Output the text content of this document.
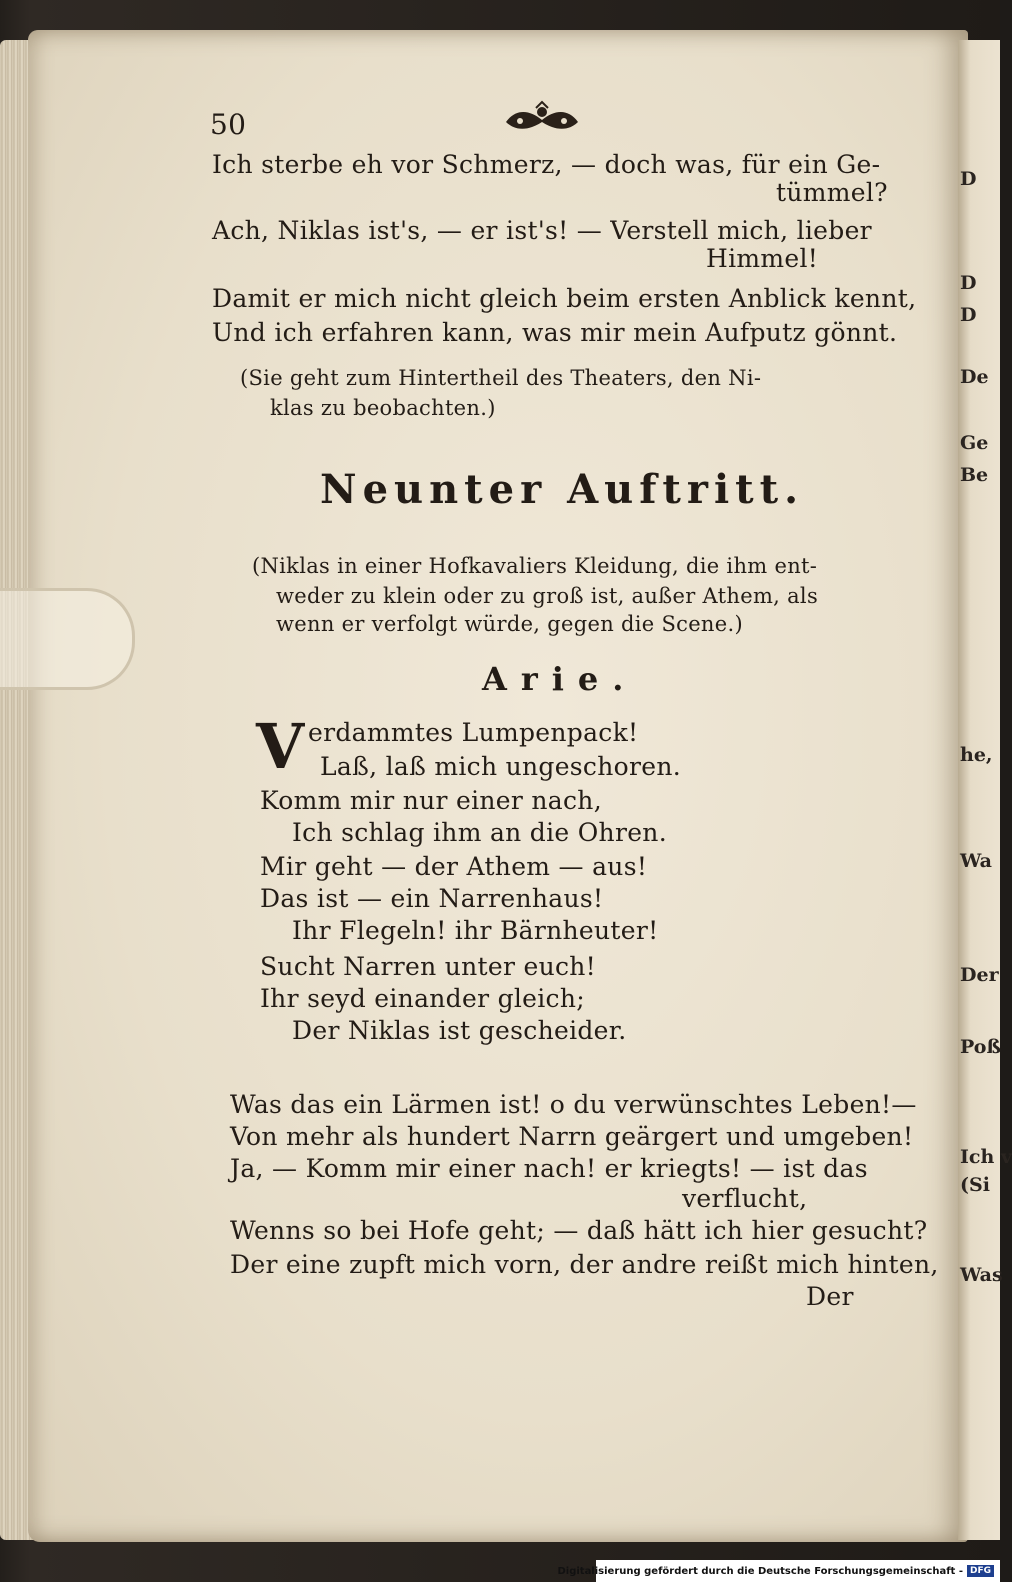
D
D
D
De
Ge
Be
he,
Wa
Der
Poß
Ich v
(Si
Was
50
Ich sterbe eh vor Schmerz, — doch was, für ein Ge-
tümmel?
Ach, Niklas ist's, — er ist's! — Verstell mich, lieber
Himmel!
Damit er mich nicht gleich beim ersten Anblick kennt,
Und ich erfahren kann, was mir mein Aufputz gönnt.
(Sie geht zum Hintertheil des Theaters, den Ni-
klas zu beobachten.)
Neunter Auftritt.
(Niklas in einer Hofkavaliers Kleidung, die ihm ent-
weder zu klein oder zu groß ist, außer Athem, als
wenn er verfolgt würde, gegen die Scene.)
Arie.
V erdammtes Lumpenpack!
Laß, laß mich ungeschoren.
Komm mir nur einer nach,
Ich schlag ihm an die Ohren.
Mir geht — der Athem — aus!
Das ist — ein Narrenhaus!
Ihr Flegeln! ihr Bärnheuter!
Sucht Narren unter euch!
Ihr seyd einander gleich;
Der Niklas ist gescheider.
Was das ein Lärmen ist! o du verwünschtes Leben!—
Von mehr als hundert Narrn geärgert und umgeben!
Ja, — Komm mir einer nach! er kriegts! — ist das
verflucht,
Wenns so bei Hofe geht; — daß hätt ich hier gesucht?
Der eine zupft mich vorn, der andre reißt mich hinten,
Der
Digitalisierung gefördert durch die Deutsche Forschungsgemeinschaft - DFG
